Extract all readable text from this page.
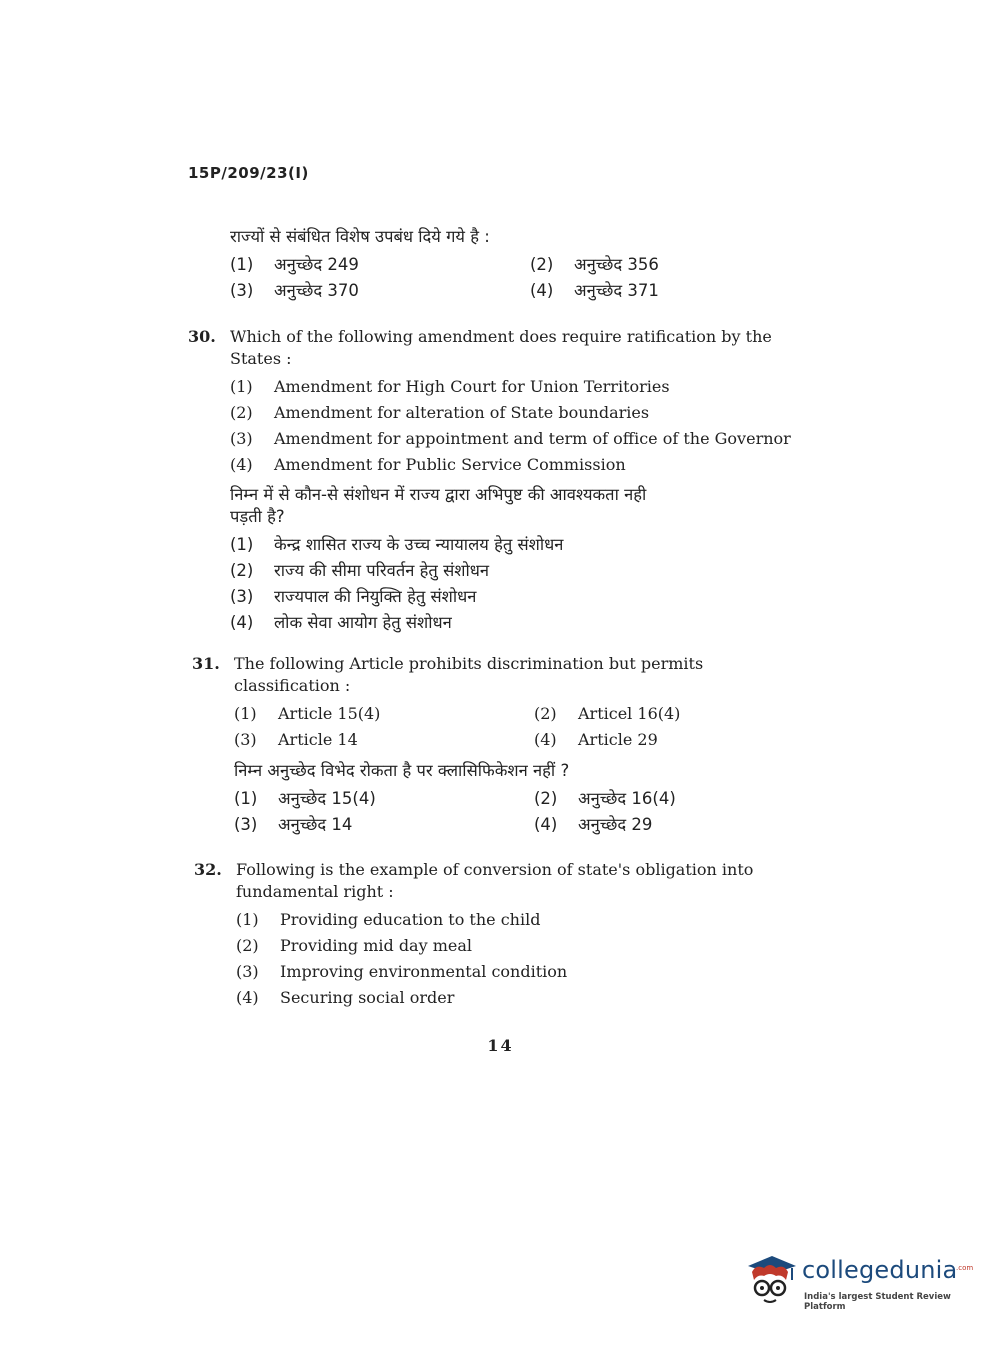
15P/209/23(I)
राज्यों से संबंधित विशेष उपबंध दिये गये है :
(1)	अनुच्छेद 249	(2)	अनुच्छेद 356
(3)	अनुच्छेद 370	(4)	अनुच्छेद 371
30. Which of the following amendment does require ratification by the
States :
(1)	Amendment for High Court for Union Territories
(2)	Amendment for alteration of State boundaries
(3)	Amendment for appointment and term of office of the Governor
(4)	Amendment for Public Service Commission
निम्न में से कौन-से संशोधन में राज्य द्वारा अभिपुष्ट की आवश्यकता नही
पड़ती है?
(1)	केन्द्र शासित राज्य के उच्च न्यायालय हेतु संशोधन
(2)	राज्य की सीमा परिवर्तन हेतु संशोधन
(3)	राज्यपाल की नियुक्ति हेतु संशोधन
(4)	लोक सेवा आयोग हेतु संशोधन
31. The following Article prohibits discrimination but permits
classification :
(1)	Article 15(4)	(2)	Articel 16(4)
(3)	Article 14	(4)	Article 29
निम्न अनुच्छेद विभेद रोकता है पर क्लासिफिकेशन नहीं ?
(1)	अनुच्छेद 15(4)	(2)	अनुच्छेद 16(4)
(3)	अनुच्छेद 14	(4)	अनुच्छेद 29
32. Following is the example of conversion of state's obligation into
fundamental right :
(1)	Providing education to the child
(2)	Providing mid day meal
(3)	Improving environmental condition
(4)	Securing social order
14
collegedunia
.com
India's largest Student Review Platform
